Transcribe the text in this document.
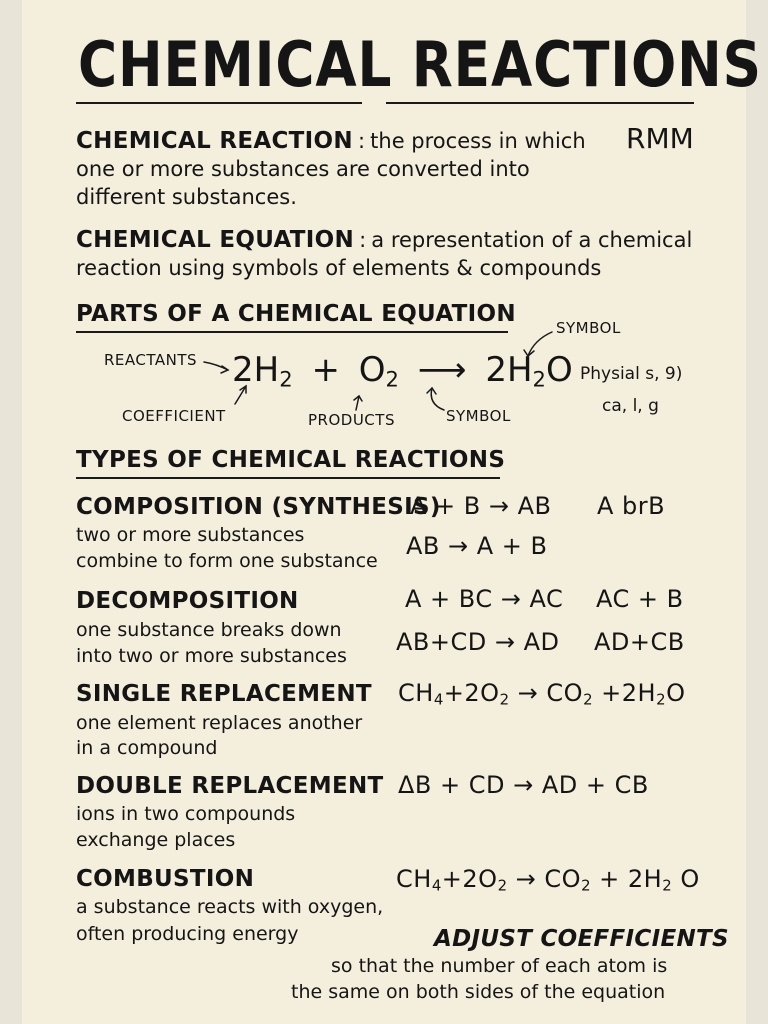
CHEMICAL REACTIONS
CHEMICAL REACTION : the process in which RMM
one or more substances are converted into
different substances.
CHEMICAL EQUATION : a representation of a chemical
reaction using symbols of elements & compounds
PARTS OF A CHEMICAL EQUATION
REACTANTS
SYMBOL
$2H_2 + O_2$ ⟶ $2H_2O$ Physial s, 9)
ca, l, g
COEFFICIENT	PRODUCTS	SYMBOL
TYPES OF CHEMICAL REACTIONS
COMPOSITION (SYNTHESIS)
two or more substances
combine to form one substance
A + B → AB A brB
AB → A + B
DECOMPOSITION
one substance breaks down
into two or more substances
A + BC → AC AC + B
AB+CD → AD AD+CB
SINGLE REPLACEMENT
one element replaces another
in a compound
$CH_4+2O_2 \to CO_2 +2H_2O$
DOUBLE REPLACEMENT
ions in two compounds
exchange places
ΔB + CD → AD + CB
COMBUSTION
a substance reacts with oxygen,
often producing energy
$CH_4+2O_2 \to CO_2 + 2H_2$ O
ADJUST COEFFICIENTS
so that the number of each atom is
the same on both sides of the equation
